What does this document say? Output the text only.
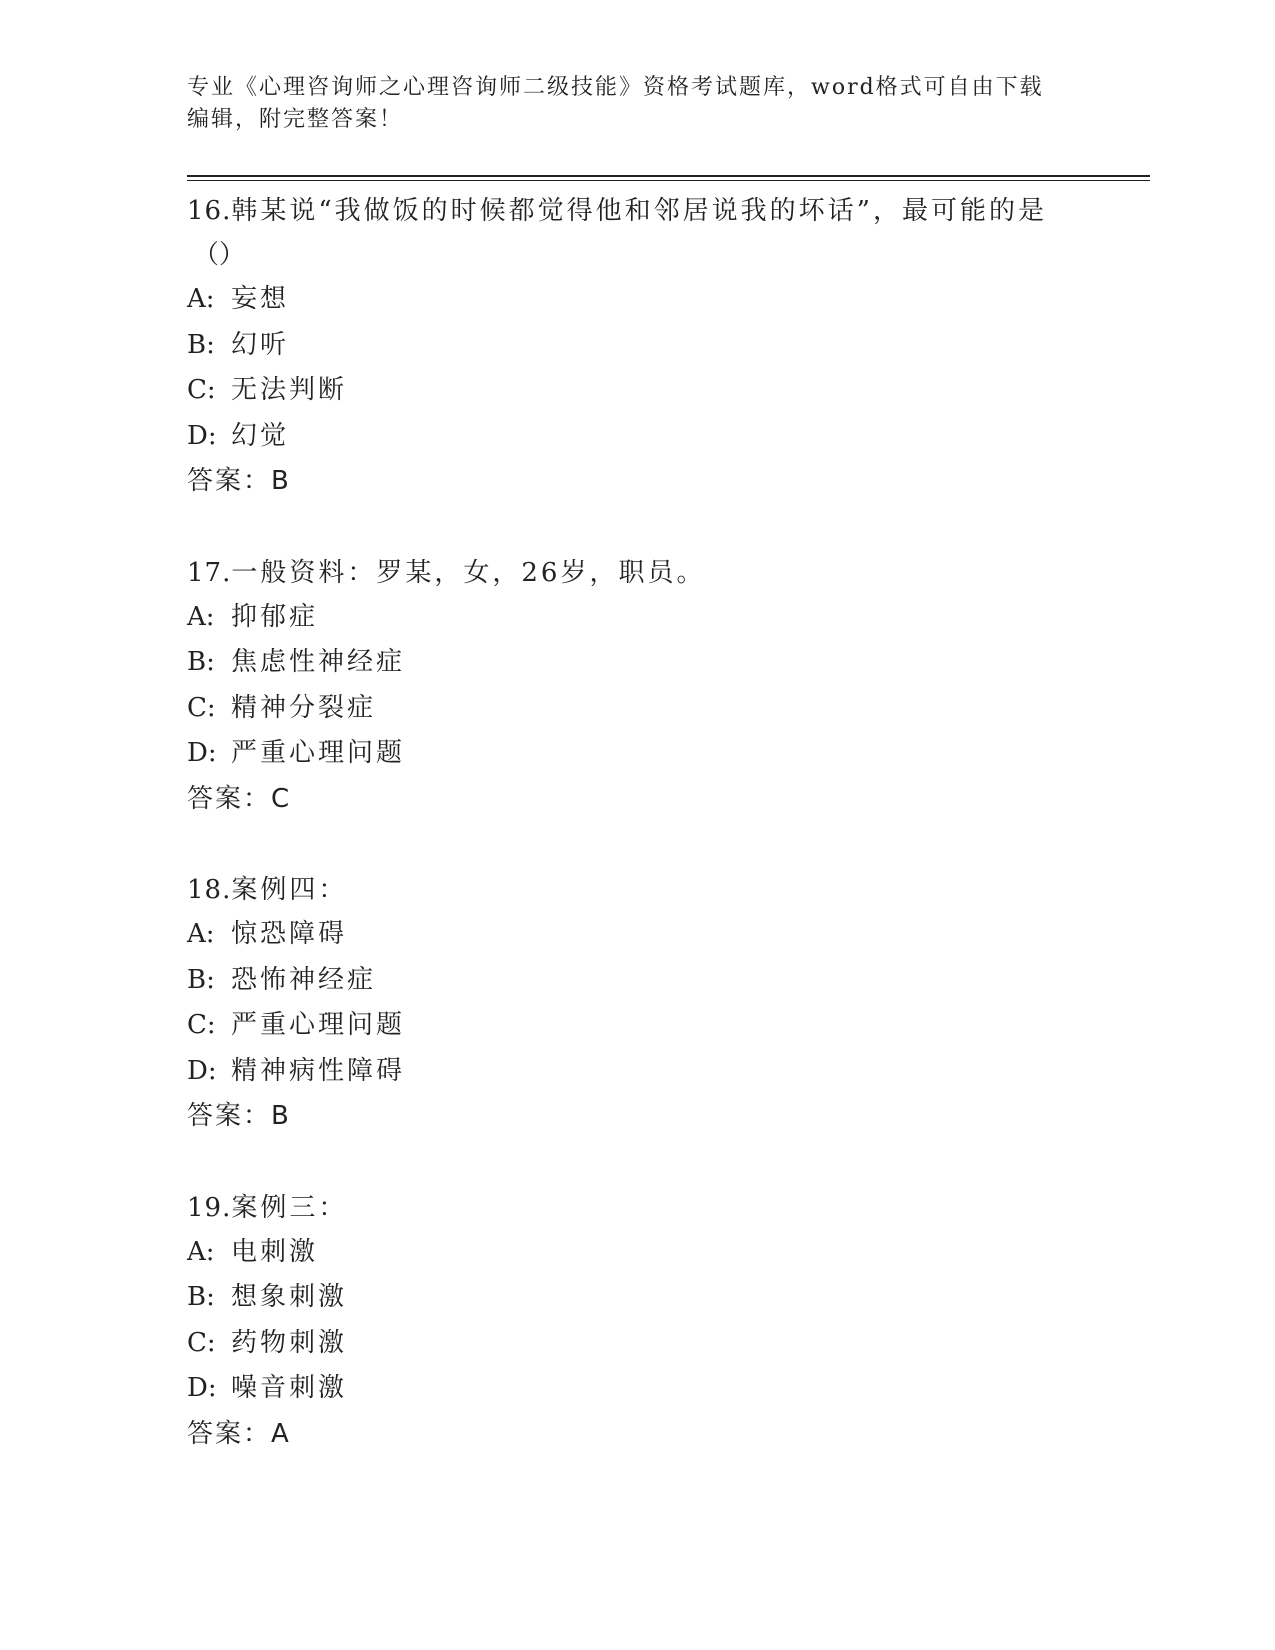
专业《心理咨询师之心理咨询师二级技能》资格考试题库，word格式可自由下载编辑，附完整答案！

16.韩某说“我做饭的时候都觉得他和邻居说我的坏话”，最可能的是

（）

A: 妄想

B: 幻听

C: 无法判断

D: 幻觉

答案：B

17.一般资料：罗某，女，26岁，职员。

A: 抑郁症

B: 焦虑性神经症

C: 精神分裂症

D: 严重心理问题

答案：C

18.案例四：

A: 惊恐障碍

B: 恐怖神经症

C: 严重心理问题

D: 精神病性障碍

答案：B

19.案例三：

A: 电刺激

B: 想象刺激

C: 药物刺激

D: 噪音刺激

答案：A
